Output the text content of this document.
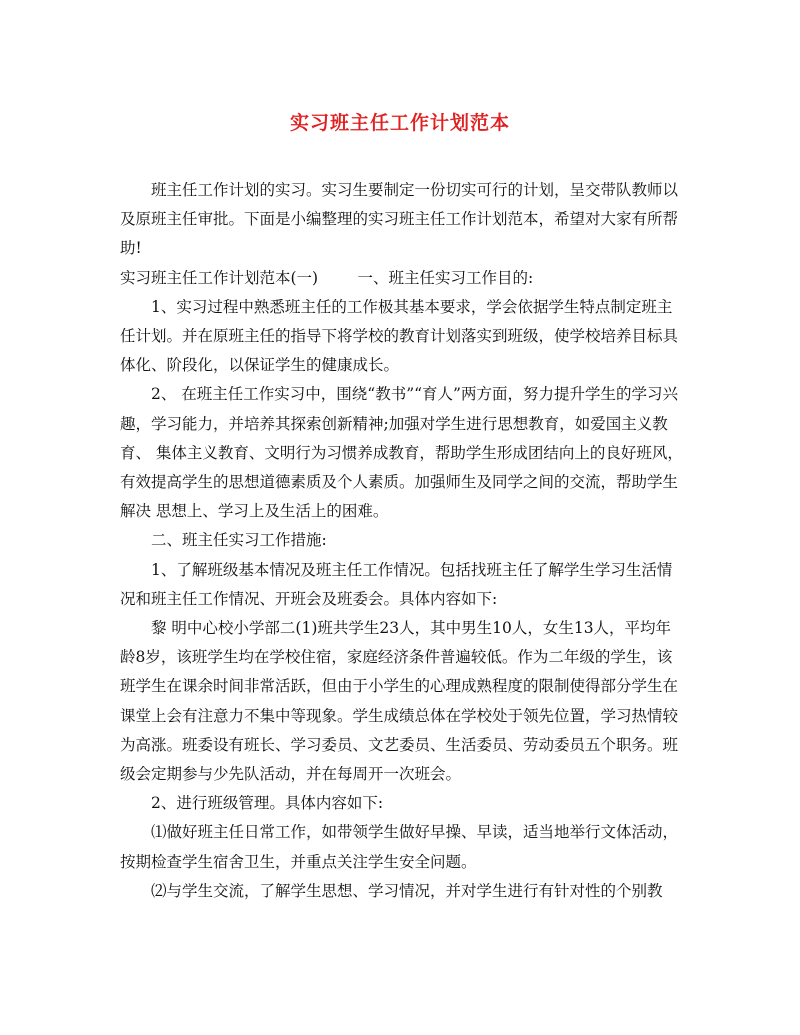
实习班主任工作计划范本

班主任工作计划的实习。实习生要制定一份切实可行的计划，呈交带队教师以及原班主任审批。下面是小编整理的实习班主任工作计划范本，希望对大家有所帮助!

实习班主任工作计划范本(一)        一、班主任实习工作目的:

1、实习过程中熟悉班主任的工作极其基本要求，学会依据学生特点制定班主任计划。并在原班主任的指导下将学校的教育计划落实到班级，使学校培养目标具体化、阶段化，以保证学生的健康成长。

2、 在班主任工作实习中，围绕“教书”“育人”两方面，努力提升学生的学习兴趣，学习能力，并培养其探索创新精神;加强对学生进行思想教育，如爱国主义教育、 集体主义教育、文明行为习惯养成教育，帮助学生形成团结向上的良好班风，有效提高学生的思想道德素质及个人素质。加强师生及同学之间的交流，帮助学生解决 思想上、学习上及生活上的困难。

二、班主任实习工作措施:

1、了解班级基本情况及班主任工作情况。包括找班主任了解学生学习生活情况和班主任工作情况、开班会及班委会。具体内容如下:

黎 明中心校小学部二(1)班共学生23人，其中男生10人，女生13人，平均年龄8岁，该班学生均在学校住宿，家庭经济条件普遍较低。作为二年级的学生，该 班学生在课余时间非常活跃，但由于小学生的心理成熟程度的限制使得部分学生在课堂上会有注意力不集中等现象。学生成绩总体在学校处于领先位置，学习热情较 为高涨。班委设有班长、学习委员、文艺委员、生活委员、劳动委员五个职务。班级会定期参与少先队活动，并在每周开一次班会。

2、进行班级管理。具体内容如下:

⑴做好班主任日常工作，如带领学生做好早操、早读，适当地举行文体活动，按期检查学生宿舍卫生，并重点关注学生安全问题。

⑵与学生交流，了解学生思想、学习情况，并对学生进行有针对性的个别教
